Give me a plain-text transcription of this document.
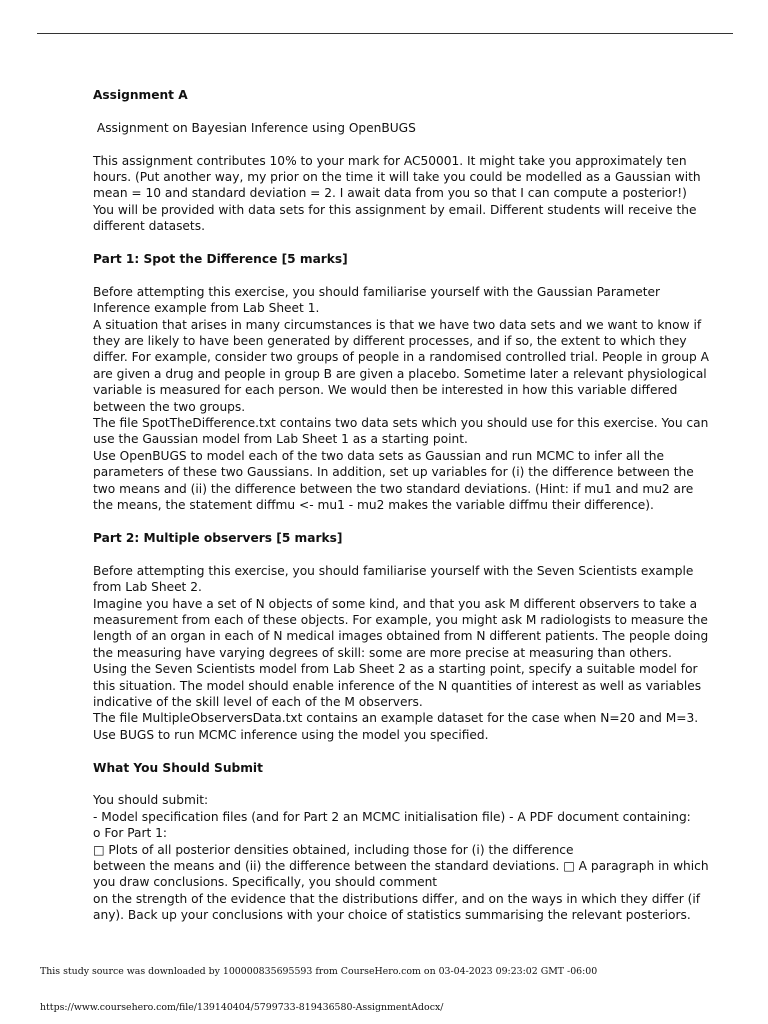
Assignment A

Assignment on Bayesian Inference using OpenBUGS

This assignment contributes 10% to your mark for AC50001. It might take you approximately ten

hours. (Put another way, my prior on the time it will take you could be modelled as a Gaussian with

mean = 10 and standard deviation = 2. I await data from you so that I can compute a posterior!)

You will be provided with data sets for this assignment by email. Different students will receive the

different datasets.

Part 1: Spot the Difference [5 marks]

Before attempting this exercise, you should familiarise yourself with the Gaussian Parameter

Inference example from Lab Sheet 1.

A situation that arises in many circumstances is that we have two data sets and we want to know if

they are likely to have been generated by different processes, and if so, the extent to which they

differ. For example, consider two groups of people in a randomised controlled trial. People in group A

are given a drug and people in group B are given a placebo. Sometime later a relevant physiological

variable is measured for each person. We would then be interested in how this variable differed

between the two groups.

The file SpotTheDifference.txt contains two data sets which you should use for this exercise. You can

use the Gaussian model from Lab Sheet 1 as a starting point.

Use OpenBUGS to model each of the two data sets as Gaussian and run MCMC to infer all the

parameters of these two Gaussians. In addition, set up variables for (i) the difference between the

two means and (ii) the difference between the two standard deviations. (Hint: if mu1 and mu2 are

the means, the statement diffmu <- mu1 - mu2 makes the variable diffmu their difference).

Part 2: Multiple observers [5 marks]

Before attempting this exercise, you should familiarise yourself with the Seven Scientists example

from Lab Sheet 2.

Imagine you have a set of N objects of some kind, and that you ask M different observers to take a

measurement from each of these objects. For example, you might ask M radiologists to measure the

length of an organ in each of N medical images obtained from N different patients. The people doing

the measuring have varying degrees of skill: some are more precise at measuring than others.

Using the Seven Scientists model from Lab Sheet 2 as a starting point, specify a suitable model for

this situation. The model should enable inference of the N quantities of interest as well as variables

indicative of the skill level of each of the M observers.

The file MultipleObserversData.txt contains an example dataset for the case when N=20 and M=3.

Use BUGS to run MCMC inference using the model you specified.

What You Should Submit

You should submit:

- Model specification files (and for Part 2 an MCMC initialisation file) - A PDF document containing:

o For Part 1:

□ Plots of all posterior densities obtained, including those for (i) the difference

between the means and (ii) the difference between the standard deviations. □ A paragraph in which

you draw conclusions. Specifically, you should comment

on the strength of the evidence that the distributions differ, and on the ways in which they differ (if

any). Back up your conclusions with your choice of statistics summarising the relevant posteriors.

This study source was downloaded by 100000835695593 from CourseHero.com on 03-04-2023 09:23:02 GMT -06:00
https://www.coursehero.com/file/139140404/5799733-819436580-AssignmentAdocx/
